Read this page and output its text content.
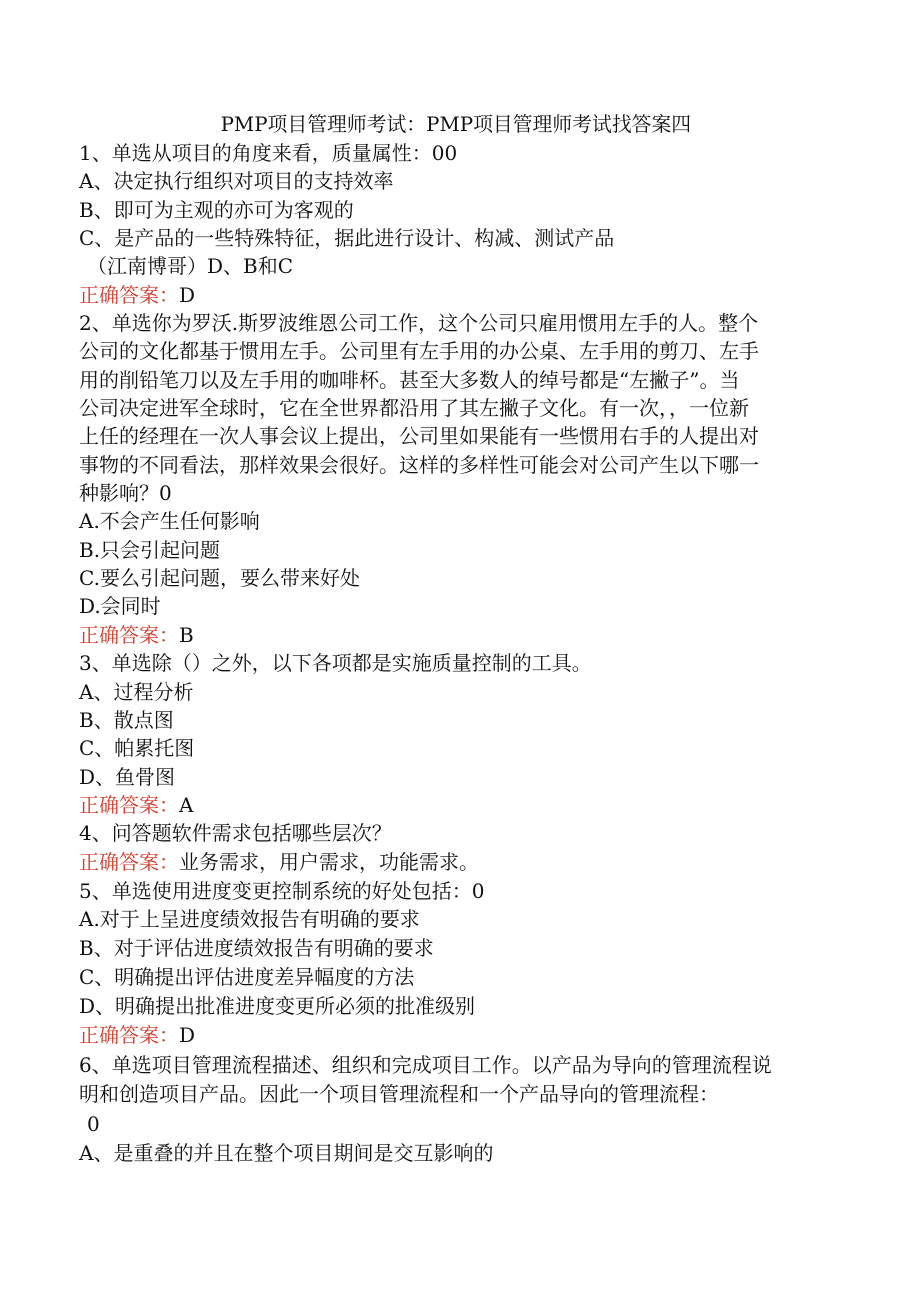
PMP项目管理师考试：PMP项目管理师考试找答案四
1、单选从项目的角度来看，质量属性：00
A、决定执行组织对项目的支持效率
B、即可为主观的亦可为客观的
C、是产品的一些特殊特征，据此进行设计、构减、测试产品
（江南博哥）D、B和C
正确答案：D
2、单选你为罗沃.斯罗波维恩公司工作，这个公司只雇用惯用左手的人。整个
公司的文化都基于惯用左手。公司里有左手用的办公桌、左手用的剪刀、左手
用的削铅笔刀以及左手用的咖啡杯。甚至大多数人的绰号都是“左撇子”。当
公司决定进军全球时，它在全世界都沿用了其左撇子文化。有一次，，一位新
上任的经理在一次人事会议上提出，公司里如果能有一些惯用右手的人提出对
事物的不同看法，那样效果会很好。这样的多样性可能会对公司产生以下哪一
种影响？0
A.不会产生任何影响
B.只会引起问题
C.要么引起问题，要么带来好处
D.会同时
正确答案：B
3、单选除（）之外，以下各项都是实施质量控制的工具。
A、过程分析
B、散点图
C、帕累托图
D、鱼骨图
正确答案：A
4、问答题软件需求包括哪些层次？
正确答案：业务需求，用户需求，功能需求。
5、单选使用进度变更控制系统的好处包括：0
A.对于上呈进度绩效报告有明确的要求
B、对于评估进度绩效报告有明确的要求
C、明确提出评估进度差异幅度的方法
D、明确提出批准进度变更所必须的批准级别
正确答案：D
6、单选项目管理流程描述、组织和完成项目工作。以产品为导向的管理流程说
明和创造项目产品。因此一个项目管理流程和一个产品导向的管理流程：
0
A、是重叠的并且在整个项目期间是交互影响的
